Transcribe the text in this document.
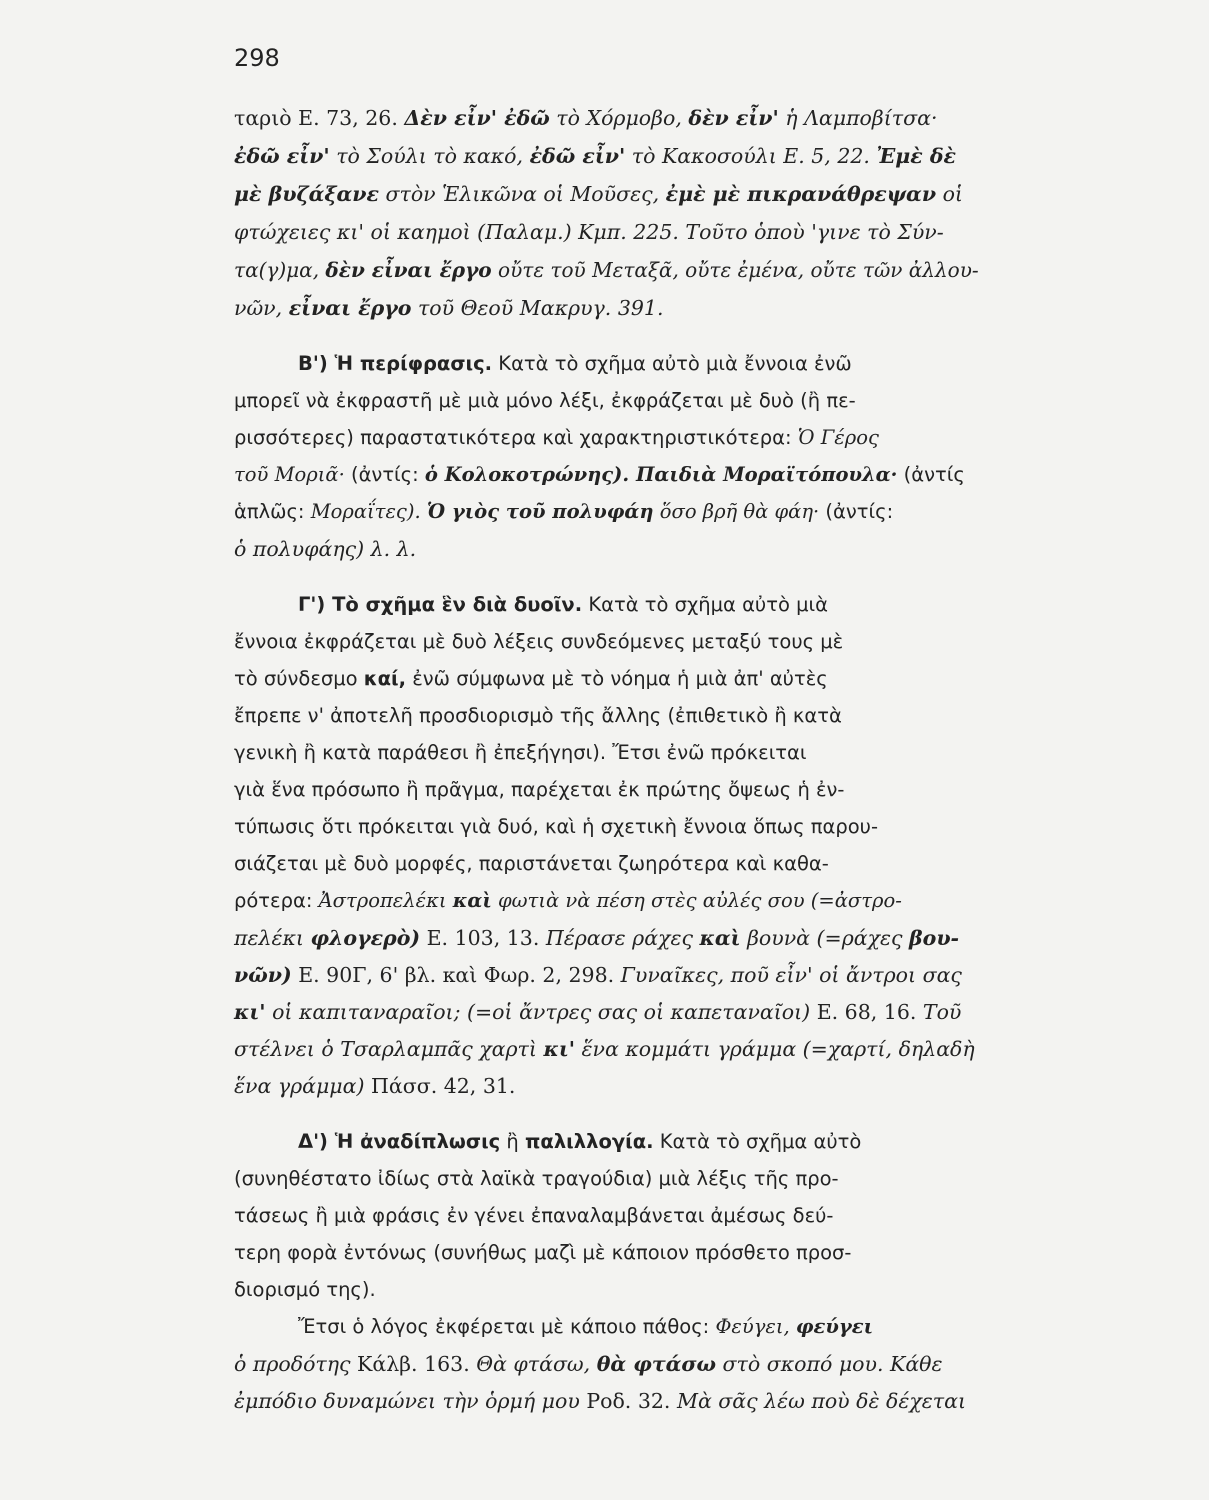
298
ταριὸ Ε. 73, 26. Δὲν εἶν' ἐδῶ τὸ Χόρμοβο, δὲν εἶν' ἡ Λαμποβίτσα·
ἐδῶ εἶν' τὸ Σούλι τὸ κακό, ἐδῶ εἶν' τὸ Κακοσούλι Ε. 5, 22. Ἐμὲ δὲ
μὲ βυζάξανε στὸν Ἑλικῶνα οἱ Μοῦσες, ἐμὲ μὲ πικρανάθρεψαν οἱ
φτώχειες κι' οἱ καημοὶ (Παλαμ.) Κμπ. 225. Τοῦτο ὁποὺ 'γινε τὸ Σύν-
τα(γ)μα, δὲν εἶναι ἔργο οὔτε τοῦ Μεταξᾶ, οὔτε ἐμένα, οὔτε τῶν ἀλλου-
νῶν, εἶναι ἔργο τοῦ Θεοῦ Μακρυγ. 391.
Β') Ἡ περίφρασις. Κατὰ τὸ σχῆμα αὐτὸ μιὰ ἔννοια ἐνῶ
μπορεῖ νὰ ἐκφραστῆ μὲ μιὰ μόνο λέξι, ἐκφράζεται μὲ δυὸ (ἢ πε-
ρισσότερες) παραστατικότερα καὶ χαρακτηριστικότερα: Ὁ Γέρος
τοῦ Μοριᾶ· (ἀντίς: ὁ Κολοκοτρώνης). Παιδιὰ Μοραϊτόπουλα· (ἀντίς
ἁπλῶς: Μοραΐτες). Ὁ γιὸς τοῦ πολυφάη ὅσο βρῆ θὰ φάη· (ἀντίς:
ὁ πολυφάης) λ. λ.
Γ') Τὸ σχῆμα ἓν διὰ δυοῖν. Κατὰ τὸ σχῆμα αὐτὸ μιὰ
ἔννοια ἐκφράζεται μὲ δυὸ λέξεις συνδεόμενες μεταξύ τους μὲ
τὸ σύνδεσμο καί, ἐνῶ σύμφωνα μὲ τὸ νόημα ἡ μιὰ ἀπ' αὐτὲς
ἔπρεπε ν' ἀποτελῆ προσδιορισμὸ τῆς ἄλλης (ἐπιθετικὸ ἢ κατὰ
γενικὴ ἢ κατὰ παράθεσι ἢ ἐπεξήγησι). Ἔτσι ἐνῶ πρόκειται
γιὰ ἕνα πρόσωπο ἢ πρᾶγμα, παρέχεται ἐκ πρώτης ὄψεως ἡ ἐν-
τύπωσις ὅτι πρόκειται γιὰ δυό, καὶ ἡ σχετικὴ ἔννοια ὅπως παρου-
σιάζεται μὲ δυὸ μορφές, παριστάνεται ζωηρότερα καὶ καθα-
ρότερα: Ἀστροπελέκι καὶ φωτιὰ νὰ πέση στὲς αὐλές σου (=ἀστρο-
πελέκι φλογερὸ) Ε. 103, 13. Πέρασε ράχες καὶ βουνὰ (=ράχες βου-
νῶν) Ε. 90Γ, 6' βλ. καὶ Φωρ. 2, 298. Γυναῖκες, ποῦ εἶν' οἱ ἄντροι σας
κι' οἱ καπιταναραῖοι; (=οἱ ἄντρες σας οἱ καπεταναῖοι) Ε. 68, 16. Τοῦ
στέλνει ὁ Τσαρλαμπᾶς χαρτὶ κι' ἕνα κομμάτι γράμμα (=χαρτί, δηλαδὴ
ἕνα γράμμα) Πάσσ. 42, 31.
Δ') Ἡ ἀναδίπλωσις ἢ παλιλλογία. Κατὰ τὸ σχῆμα αὐτὸ
(συνηθέστατο ἰδίως στὰ λαϊκὰ τραγούδια) μιὰ λέξις τῆς προ-
τάσεως ἢ μιὰ φράσις ἐν γένει ἐπαναλαμβάνεται ἀμέσως δεύ-
τερη φορὰ ἐντόνως (συνήθως μαζὶ μὲ κάποιον πρόσθετο προσ-
διορισμό της).
Ἔτσι ὁ λόγος ἐκφέρεται μὲ κάποιο πάθος: Φεύγει, φεύγει
ὁ προδότης Κάλβ. 163. Θὰ φτάσω, θὰ φτάσω στὸ σκοπό μου. Κάθε
ἐμπόδιο δυναμώνει τὴν ὁρμή μου Ροδ. 32. Μὰ σᾶς λέω ποὺ δὲ δέχεται
